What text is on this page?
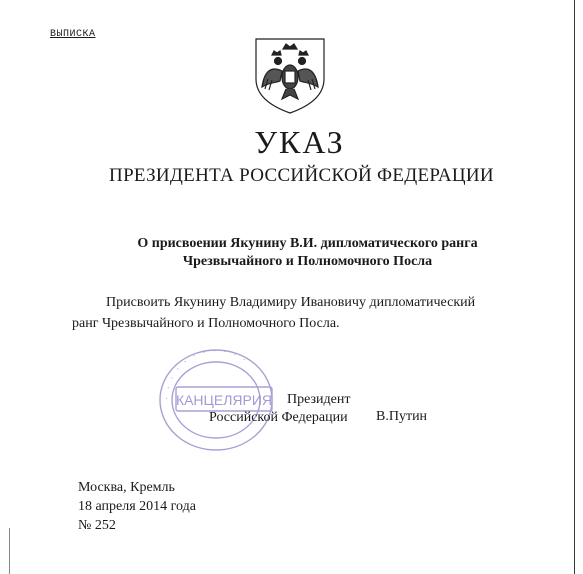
ВЫПИСКА
УКАЗ
ПРЕЗИДЕНТА РОССИЙСКОЙ ФЕДЕРАЦИИ
О присвоении Якунину В.И. дипломатического ранга
Чрезвычайного и Полномочного Посла
Присвоить Якунину Владимиру Ивановичу дипломатический
ранг Чрезвычайного и Полномочного Посла.
· · · · · · · · · · ·
КАНЦЕЛЯРИЯ	Президент
Российской Федерации В.Путин
Москва, Кремль
18 апреля 2014 года
№ 252
